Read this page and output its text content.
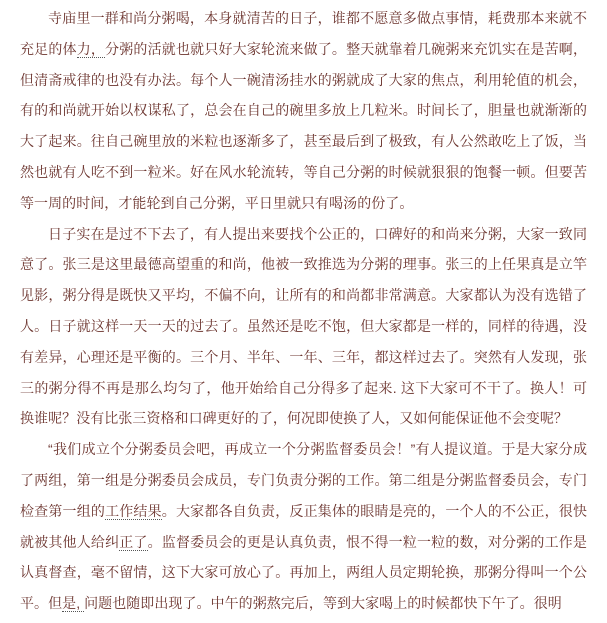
寺庙里一群和尚分粥喝，本身就清苦的日子，谁都不愿意多做点事情，耗费那本来就不充足的体力，分粥的活就也就只好大家轮流来做了。整天就靠着几碗粥来充饥实在是苦啊，但清斋戒律的也没有办法。每个人一碗清汤挂水的粥就成了大家的焦点，利用轮值的机会，有的和尚就开始以权谋私了，总会在自己的碗里多放上几粒米。时间长了，胆量也就渐渐的大了起来。往自己碗里放的米粒也逐渐多了，甚至最后到了极致，有人公然敢吃上了饭，当然也就有人吃不到一粒米。好在风水轮流转，等自己分粥的时候就狠狠的饱餐一顿。但要苦等一周的时间，才能轮到自己分粥，平日里就只有喝汤的份了。

日子实在是过不下去了，有人提出来要找个公正的，口碑好的和尚来分粥，大家一致同意了。张三是这里最德高望重的和尚，他被一致推选为分粥的理事。张三的上任果真是立竿见影，粥分得是既快又平均，不偏不向，让所有的和尚都非常满意。大家都认为没有选错了人。日子就这样一天一天的过去了。虽然还是吃不饱，但大家都是一样的，同样的待遇，没有差异，心理还是平衡的。三个月、半年、一年、三年，都这样过去了。突然有人发现，张三的粥分得不再是那么均匀了，他开始给自己分得多了起来. 这下大家可不干了。换人！可换谁呢？没有比张三资格和口碑更好的了，何况即使换了人，又如何能保证他不会变呢？

“我们成立个分粥委员会吧，再成立一个分粥监督委员会！”有人提议道。于是大家分成了两组，第一组是分粥委员会成员，专门负责分粥的工作。第二组是分粥监督委员会，专门检查第一组的工作结果。大家都各自负责，反正集体的眼睛是亮的，一个人的不公正，很快就被其他人给纠正了。监督委员会的更是认真负责，恨不得一粒一粒的数，对分粥的工作是认真督查，毫不留情，这下大家可放心了。再加上，两组人员定期轮换，那粥分得叫一个公平。但是, 问题也随即出现了。中午的粥熬完后，等到大家喝上的时候都快下午了。很明
